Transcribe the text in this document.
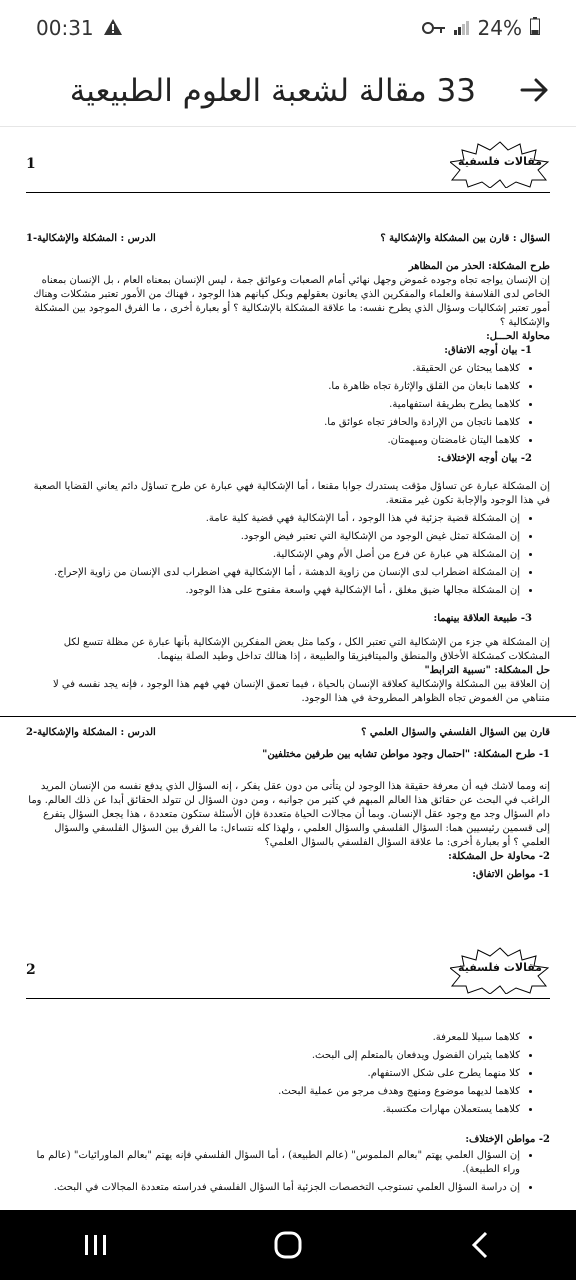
00:31	24%
33 مقالة لشعبة العلوم الطبيعية
مقالات فلسفية
1
السؤال : قارن بين المشكلة والإشكالية ؟
الدرس : المشكلة والإشكالية-1

طرح المشكلة: الحذر من المظاهر

إن الإنسان يواجه تجاه وجوده غموض وجهل نهائي أمام الصعبات وعوائق جمة ، ليس الإنسان بمعناه العام ، بل الإنسان بمعناه الخاص لدى الفلاسفة والعلماء والمفكرين الذي يعانون بعقولهم وبكل كيانهم هذا الوجود ، فهناك من الأمور تعتبر مشكلات وهناك أمور تعتبر إشكاليات وسؤال الذي يطرح نفسه: ما علاقة المشكلة بالإشكالية ؟ أو بعبارة أخرى ، ما الفرق الموجود بين المشكلة والإشكالية ؟

محاولة الحـــل:

1- بيان أوجه الاتفاق:

• كلاهما يبحثان عن الحقيقة.
• كلاهما نابعان من القلق والإثارة تجاه ظاهرة ما.
• كلاهما يطرح بطريقة استفهامية.
• كلاهما ناتجان من الإرادة والحافز تجاه عوائق ما.
• كلاهما اليتان غامضتان ومبهمتان.

2- بيان أوجه الإختلاف:

إن المشكلة عبارة عن تساؤل مؤقت يستدرك جوابا مقنعا ، أما الإشكالية فهي عبارة عن طرح تساؤل دائم يعاني القضايا الصعبة في هذا الوجود والإجابة تكون غير مقنعة.

• إن المشكلة قضية جزئية في هذا الوجود ، أما الإشكالية فهي قضية كلية عامة.
• إن المشكلة تمثل غيض الوجود من الإشكالية التي تعتبر فيض الوجود.
• إن المشكلة هي عبارة عن فرع من أصل الأم وهي الإشكالية.
• إن المشكلة اضطراب لدى الإنسان من زاوية الدهشة ، أما الإشكالية فهي اضطراب لدى الإنسان من زاوية الإحراج.
• إن المشكلة مجالها ضيق مغلق ، أما الإشكالية فهي واسعة مفتوح على هذا الوجود.

3- طبيعة العلاقة بينهما:

إن المشكلة هي جزء من الإشكالية التي تعتبر الكل ، وكما مثل بعض المفكرين الإشكالية بأنها عبارة عن مظلة تتسع لكل المشكلات كمشكلة الأخلاق والمنطق والميتافيزيقا والطبيعة ، إذا هنالك تداخل وطيد الصلة بينهما.

حل المشكلة: "نسبية الترابط"

إن العلاقة بين المشكلة والإشكالية كعلاقة الإنسان بالحياة ، فيما تعمق الإنسان فهي فهم هذا الوجود ، فإنه يجد نفسه في لا متناهي من الغموض تجاه الظواهر المطروحة في هذا الوجود.

قارن بين السؤال الفلسفي والسؤال العلمي ؟
الدرس : المشكلة والإشكالية-2

1- طرح المشكلة: "احتمال وجود مواطن تشابه بين طرفين مختلفين"

إنه ومما لاشك فيه أن معرفة حقيقة هذا الوجود لن يتأتى من دون عقل يفكر ، إنه السؤال الذي يدفع نفسه من الإنسان المريد الراغب في البحث عن حقائق هذا العالم المبهم في كثير من جوانبه ، ومن دون السؤال لن تتولد الحقائق أبدا عن ذلك العالم. وما دام السؤال وجد مع وجود عقل الإنسان. وبما أن مجالات الحياة متعددة فإن الأسئلة ستكون متعددة ، هذا يجعل السؤال يتفرع إلى قسمين رئيسيين هما: السؤال الفلسفي والسؤال العلمي ، ولهذا كله نتساءل: ما الفرق بين السؤال الفلسفي والسؤال العلمي ؟ أو بعبارة أخرى: ما علاقة السؤال الفلسفي بالسؤال العلمي؟

2- محاولة حل المشكلة:

1- مواطن الاتفاق:

مقالات فلسفية
2
• كلاهما سبيلا للمعرفة.
• كلاهما يثيران الفضول ويدفعان بالمتعلم إلى البحث.
• كلا منهما يطرح على شكل الاستفهام.
• كلاهما لديهما موضوع ومنهج وهدف مرجو من عملية البحث.
• كلاهما يستعملان مهارات مكتسبة.

2- مواطن الإختلاف:

• إن السؤال العلمي يهتم "بعالم الملموس" (عالم الطبيعة) ، أما السؤال الفلسفي فإنه يهتم "بعالم الماورائيات" (عالم ما وراء الطبيعة).
• إن دراسة السؤال العلمي تستوجب التخصصات الجزئية أما السؤال الفلسفي فدراسته متعددة المجالات في البحث.
